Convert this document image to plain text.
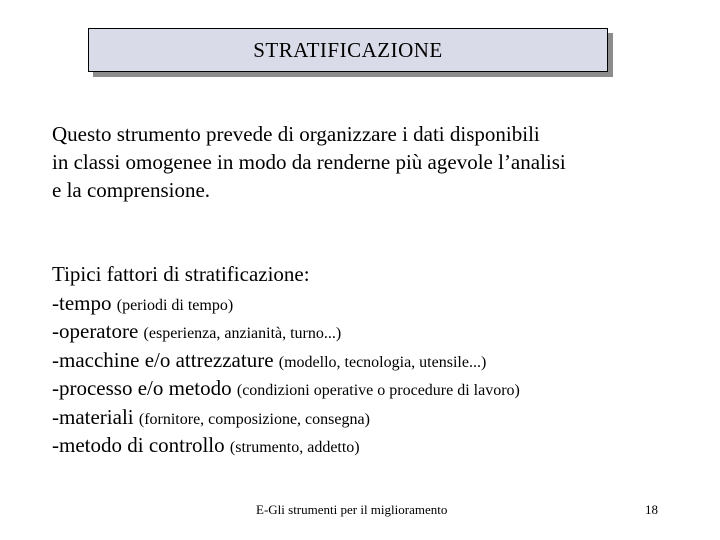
STRATIFICAZIONE
Questo strumento prevede di organizzare i dati disponibili
in classi omogenee in modo da renderne più agevole l’analisi
e la comprensione.
Tipici fattori di stratificazione:
-tempo (periodi di tempo)
-operatore (esperienza, anzianità, turno...)
-macchine e/o attrezzature (modello, tecnologia, utensile...)
-processo e/o metodo (condizioni operative o procedure di lavoro)
-materiali (fornitore, composizione, consegna)
-metodo di controllo (strumento, addetto)
E-Gli strumenti per il miglioramento	18
